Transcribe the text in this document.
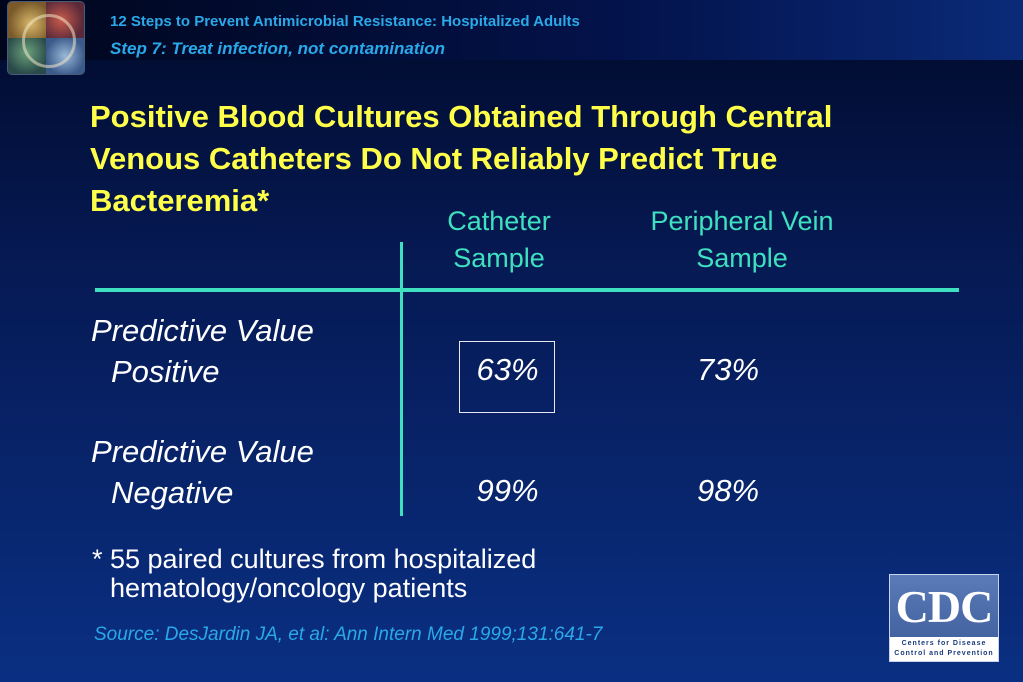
12 Steps to Prevent Antimicrobial Resistance: Hospitalized Adults
Step 7: Treat infection, not contamination
Positive Blood Cultures Obtained Through Central
Venous Catheters Do Not Reliably Predict True
Bacteremia*
Catheter
Sample
Peripheral Vein
Sample
Predictive Value
Positive
Predictive Value
Negative
63%	73%
99%	98%
* 55 paired cultures from hospitalized
hematology/oncology patients
Source: DesJardin JA, et al: Ann Intern Med 1999;131:641-7
CDC
Centers for Disease
Control and Prevention
